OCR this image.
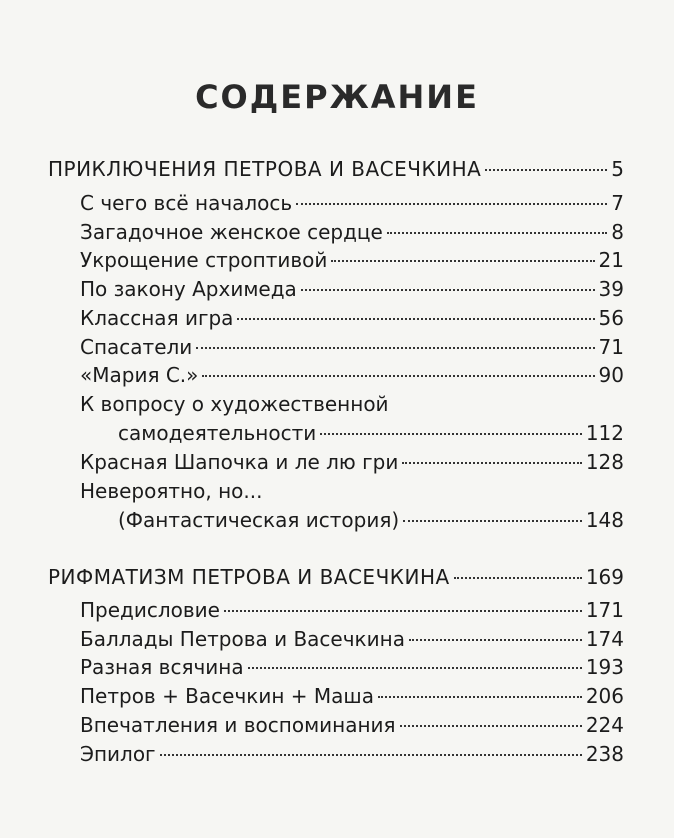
СОДЕРЖАНИЕ
ПРИКЛЮЧЕНИЯ ПЕТРОВА И ВАСЕЧКИНА	5
С чего всё началось	7
Загадочное женское сердце	8
Укрощение строптивой	21
По закону Архимеда	39
Классная игра	56
Спасатели	71
«Мария С.»	90
К вопросу о художественной
самодеятельности	112
Красная Шапочка и ле лю гри	128
Невероятно, но...
(Фантастическая история)	148
РИФМАТИЗМ ПЕТРОВА И ВАСЕЧКИНА	169
Предисловие	171
Баллады Петрова и Васечкина	174
Разная всячина	193
Петров + Васечкин + Маша	206
Впечатления и воспоминания	224
Эпилог	238
